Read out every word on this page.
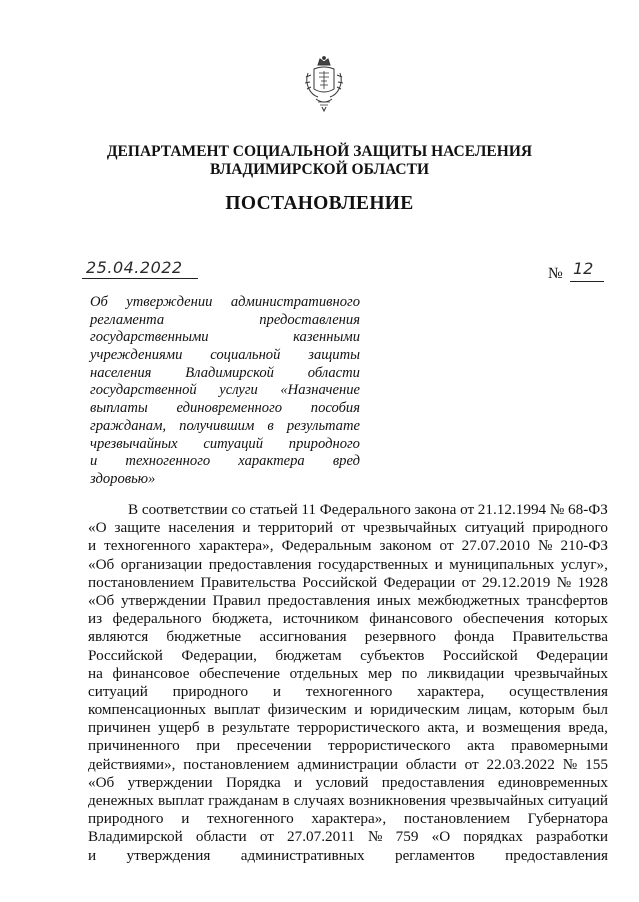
ДЕПАРТАМЕНТ СОЦИАЛЬНОЙ ЗАЩИТЫ НАСЕЛЕНИЯ
ВЛАДИМИРСКОЙ ОБЛАСТИ
ПОСТАНОВЛЕНИЕ
25.04.2022	№ 12
Об утверждении административного
регламента	предоставления
государственными	казенными
учреждениями социальной защиты
населения Владимирской области
государственной услуги «Назначение
выплаты единовременного пособия
гражданам, получившим в результате
чрезвычайных ситуаций природного
и техногенного характера вред
здоровью»
В соответствии со статьей 11 Федерального закона от 21.12.1994 № 68-ФЗ
«О защите населения и территорий от чрезвычайных ситуаций природного
и техногенного характера», Федеральным законом от 27.07.2010 № 210-ФЗ
«Об организации предоставления государственных и муниципальных услуг»,
постановлением Правительства Российской Федерации от 29.12.2019 № 1928
«Об утверждении Правил предоставления иных межбюджетных трансфертов
из федерального бюджета, источником финансового обеспечения которых
являются бюджетные ассигнования резервного фонда Правительства
Российской Федерации, бюджетам субъектов Российской Федерации
на финансовое обеспечение отдельных мер по ликвидации чрезвычайных
ситуаций природного и техногенного характера, осуществления
компенсационных выплат физическим и юридическим лицам, которым был
причинен ущерб в результате террористического акта, и возмещения вреда,
причиненного при пресечении террористического акта правомерными
действиями», постановлением администрации области от 22.03.2022 № 155
«Об утверждении Порядка и условий предоставления единовременных
денежных выплат гражданам в случаях возникновения чрезвычайных ситуаций
природного и техногенного характера», постановлением Губернатора
Владимирской области от 27.07.2011 № 759 «О порядках разработки
и утверждения административных регламентов предоставления
